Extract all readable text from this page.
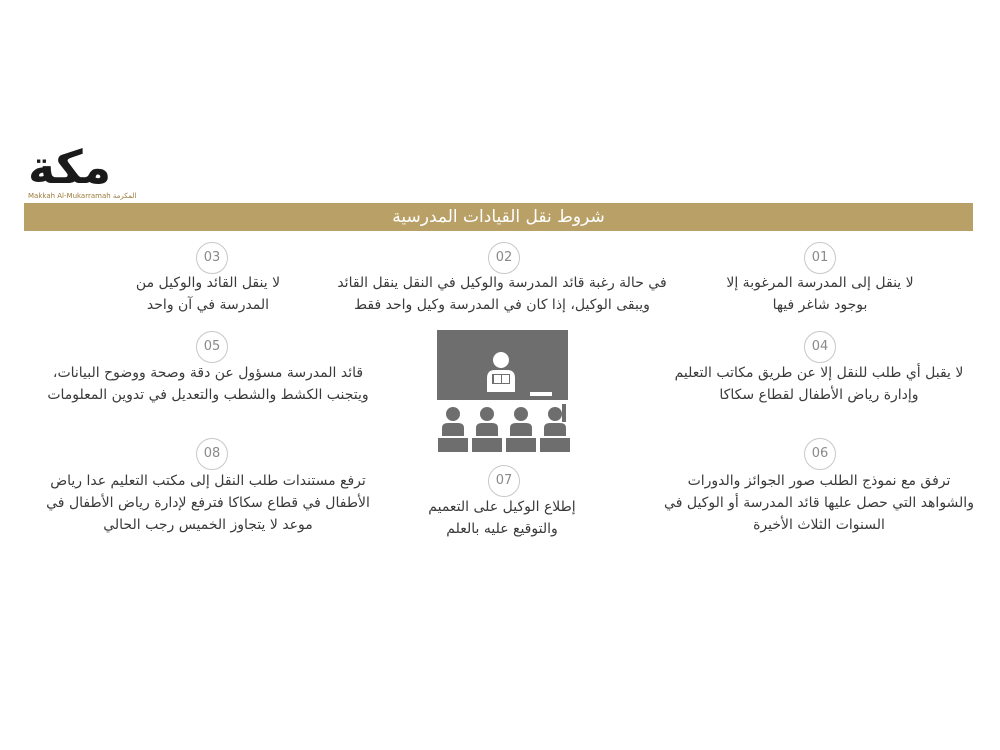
مكة
Makkah Al-Mukarramah المكرمة
شروط نقل القيادات المدرسية
01
02
03
04
05
06
07
08
لا ينقل إلى المدرسة المرغوبة إلا بوجود شاغر فيها
في حالة رغبة قائد المدرسة والوكيل في النقل ينقل القائد ويبقى الوكيل، إذا كان في المدرسة وكيل واحد فقط
لا ينقل القائد والوكيل من المدرسة في آن واحد
لا يقبل أي طلب للنقل إلا عن طريق مكاتب التعليم وإدارة رياض الأطفال لقطاع سكاكا
قائد المدرسة مسؤول عن دقة وصحة ووضوح البيانات، ويتجنب الكشط والشطب والتعديل في تدوين المعلومات
ترفق مع نموذج الطلب صور الجوائز والدورات والشواهد التي حصل عليها قائد المدرسة أو الوكيل في السنوات الثلاث الأخيرة
إطلاع الوكيل على التعميم والتوقيع عليه بالعلم
ترفع مستندات طلب النقل إلى مكتب التعليم عدا رياض الأطفال في قطاع سكاكا فترفع لإدارة رياض الأطفال في موعد لا يتجاوز الخميس رجب الحالي
